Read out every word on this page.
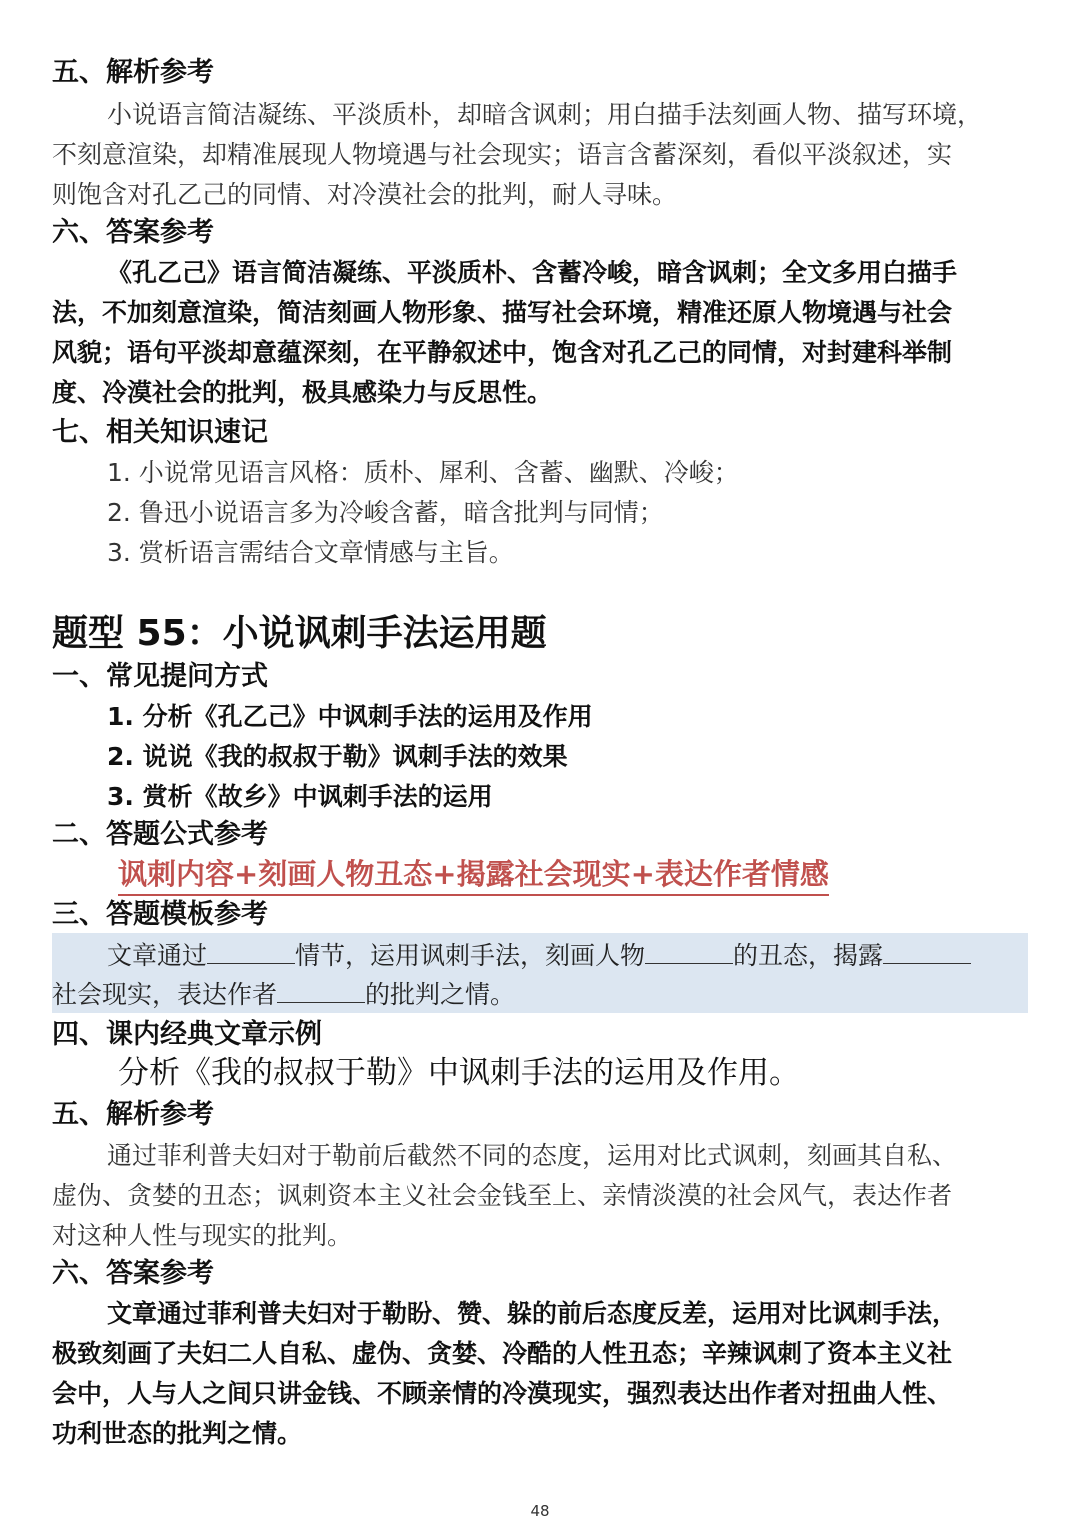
五、解析参考
小说语言简洁凝练、平淡质朴，却暗含讽刺；用白描手法刻画人物、描写环境，
不刻意渲染，却精准展现人物境遇与社会现实；语言含蓄深刻，看似平淡叙述，实
则饱含对孔乙己的同情、对冷漠社会的批判，耐人寻味。
六、答案参考
《孔乙己》语言简洁凝练、平淡质朴、含蓄冷峻，暗含讽刺；全文多用白描手
法，不加刻意渲染，简洁刻画人物形象、描写社会环境，精准还原人物境遇与社会
风貌；语句平淡却意蕴深刻，在平静叙述中，饱含对孔乙己的同情，对封建科举制
度、冷漠社会的批判，极具感染力与反思性。
七、相关知识速记
1. 小说常见语言风格：质朴、犀利、含蓄、幽默、冷峻；
2. 鲁迅小说语言多为冷峻含蓄，暗含批判与同情；
3. 赏析语言需结合文章情感与主旨。
题型 55：小说讽刺手法运用题
一、常见提问方式
1. 分析《孔乙己》中讽刺手法的运用及作用
2. 说说《我的叔叔于勒》讽刺手法的效果
3. 赏析《故乡》中讽刺手法的运用
二、答题公式参考
讽刺内容+刻画人物丑态+揭露社会现实+表达作者情感
三、答题模板参考
文章通过	情节，运用讽刺手法，刻画人物	的丑态，揭露
社会现实，表达作者	的批判之情。
四、课内经典文章示例
分析《我的叔叔于勒》中讽刺手法的运用及作用。
五、解析参考
通过菲利普夫妇对于勒前后截然不同的态度，运用对比式讽刺，刻画其自私、
虚伪、贪婪的丑态；讽刺资本主义社会金钱至上、亲情淡漠的社会风气，表达作者
对这种人性与现实的批判。
六、答案参考
文章通过菲利普夫妇对于勒盼、赞、躲的前后态度反差，运用对比讽刺手法，
极致刻画了夫妇二人自私、虚伪、贪婪、冷酷的人性丑态；辛辣讽刺了资本主义社
会中，人与人之间只讲金钱、不顾亲情的冷漠现实，强烈表达出作者对扭曲人性、
功利世态的批判之情。
48
